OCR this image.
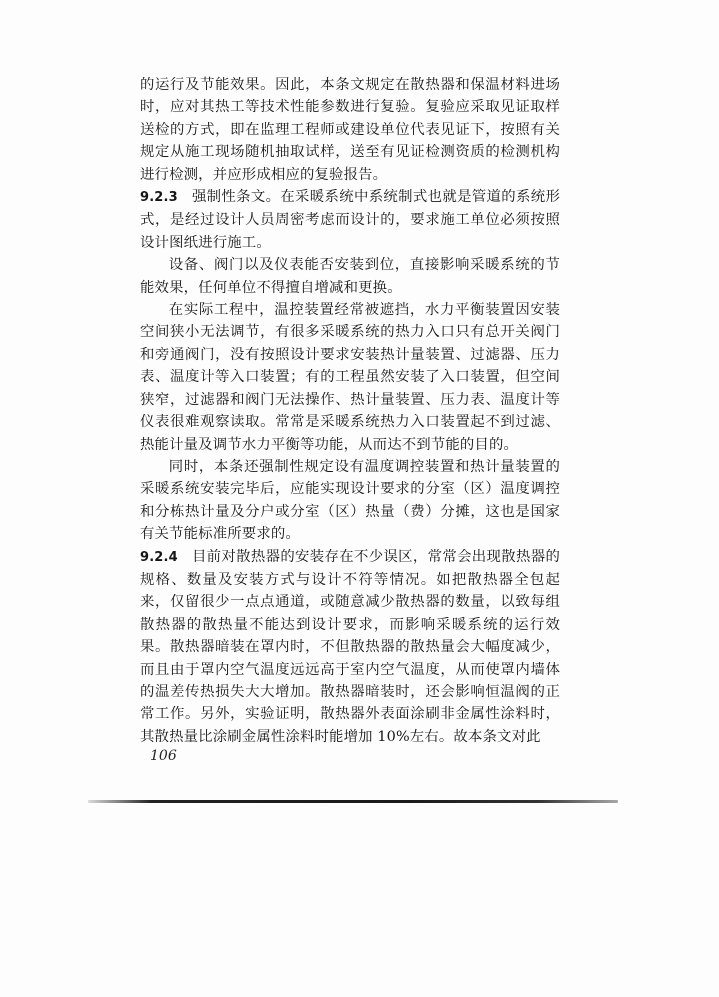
的运行及节能效果。因此，本条文规定在散热器和保温材料进场时，应对其热工等技术性能参数进行复验。复验应采取见证取样送检的方式，即在监理工程师或建设单位代表见证下，按照有关规定从施工现场随机抽取试样，送至有见证检测资质的检测机构进行检测，并应形成相应的复验报告。

9.2.3 强制性条文。在采暖系统中系统制式也就是管道的系统形式，是经过设计人员周密考虑而设计的，要求施工单位必须按照设计图纸进行施工。

设备、阀门以及仪表能否安装到位，直接影响采暖系统的节能效果，任何单位不得擅自增减和更换。

在实际工程中，温控装置经常被遮挡，水力平衡装置因安装空间狭小无法调节，有很多采暖系统的热力入口只有总开关阀门和旁通阀门，没有按照设计要求安装热计量装置、过滤器、压力表、温度计等入口装置；有的工程虽然安装了入口装置，但空间狭窄，过滤器和阀门无法操作、热计量装置、压力表、温度计等仪表很难观察读取。常常是采暖系统热力入口装置起不到过滤、热能计量及调节水力平衡等功能，从而达不到节能的目的。

同时，本条还强制性规定设有温度调控装置和热计量装置的采暖系统安装完毕后，应能实现设计要求的分室（区）温度调控和分栋热计量及分户或分室（区）热量（费）分摊，这也是国家有关节能标准所要求的。

9.2.4 目前对散热器的安装存在不少误区，常常会出现散热器的规格、数量及安装方式与设计不符等情况。如把散热器全包起来，仅留很少一点点通道，或随意减少散热器的数量，以致每组散热器的散热量不能达到设计要求，而影响采暖系统的运行效果。散热器暗装在罩内时，不但散热器的散热量会大幅度减少，而且由于罩内空气温度远远高于室内空气温度，从而使罩内墙体的温差传热损失大大增加。散热器暗装时，还会影响恒温阀的正常工作。另外，实验证明，散热器外表面涂刷非金属性涂料时，其散热量比涂刷金属性涂料时能增加 10%左右。故本条文对此

106
